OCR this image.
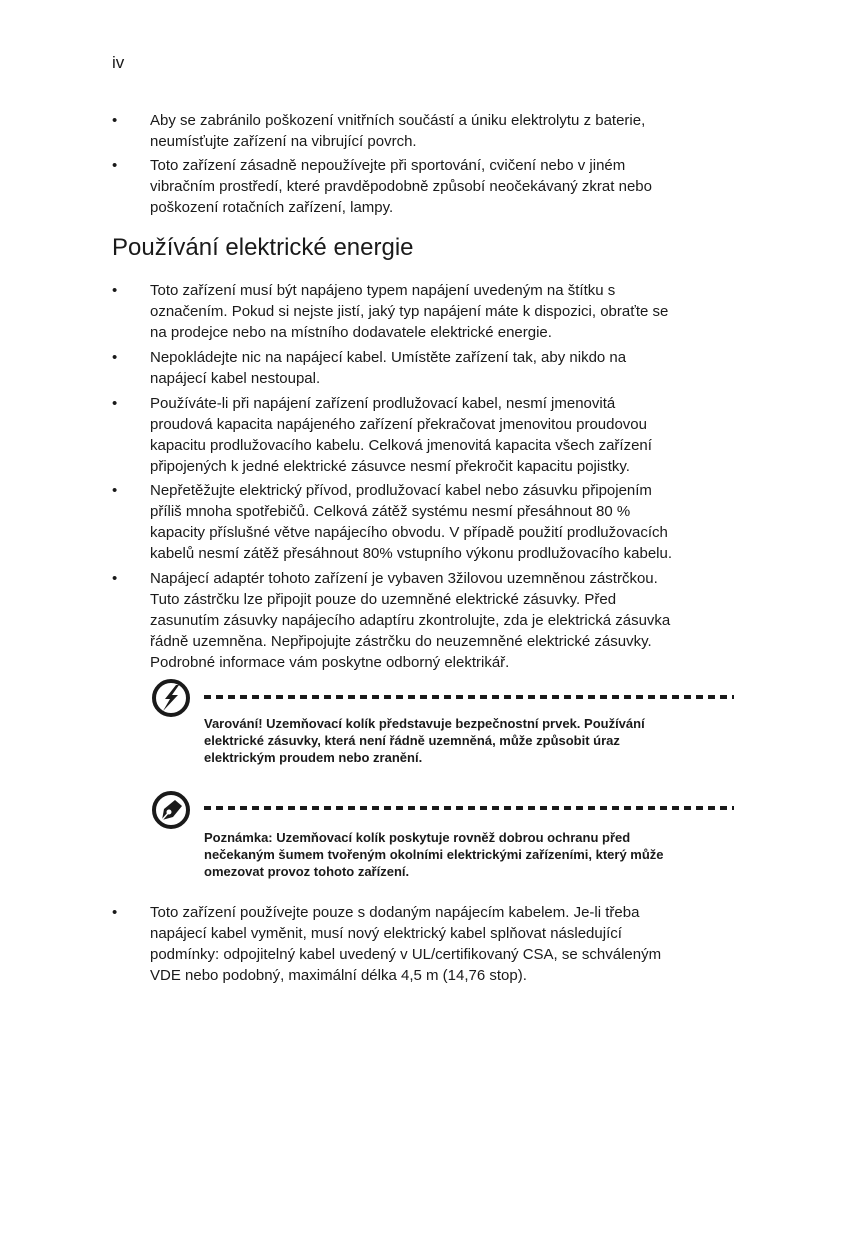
iv
• Aby se zabránilo poškození vnitřních součástí a úniku elektrolytu z baterie,
neumísťujte zařízení na vibrující povrch.
• Toto zařízení zásadně nepoužívejte při sportování, cvičení nebo v jiném
vibračním prostředí, které pravděpodobně způsobí neočekávaný zkrat nebo
poškození rotačních zařízení, lampy.
Používání elektrické energie
• Toto zařízení musí být napájeno typem napájení uvedeným na štítku s
označením. Pokud si nejste jistí, jaký typ napájení máte k dispozici, obraťte se
na prodejce nebo na místního dodavatele elektrické energie.
• Nepokládejte nic na napájecí kabel. Umístěte zařízení tak, aby nikdo na
napájecí kabel nestoupal.
• Používáte-li při napájení zařízení prodlužovací kabel, nesmí jmenovitá
proudová kapacita napájeného zařízení překračovat jmenovitou proudovou
kapacitu prodlužovacího kabelu. Celková jmenovitá kapacita všech zařízení
připojených k jedné elektrické zásuvce nesmí překročit kapacitu pojistky.
• Nepřetěžujte elektrický přívod, prodlužovací kabel nebo zásuvku připojením
příliš mnoha spotřebičů. Celková zátěž systému nesmí přesáhnout 80 %
kapacity příslušné větve napájecího obvodu. V případě použití prodlužovacích
kabelů nesmí zátěž přesáhnout 80% vstupního výkonu prodlužovacího kabelu.
• Napájecí adaptér tohoto zařízení je vybaven 3žilovou uzemněnou zástrčkou.
Tuto zástrčku lze připojit pouze do uzemněné elektrické zásuvky. Před
zasunutím zásuvky napájecího adaptíru zkontrolujte, zda je elektrická zásuvka
řádně uzemněna. Nepřipojujte zástrčku do neuzemněné elektrické zásuvky.
Podrobné informace vám poskytne odborný elektrikář.
Varování! Uzemňovací kolík představuje bezpečnostní prvek. Používání
elektrické zásuvky, která není řádně uzemněná, může způsobit úraz
elektrickým proudem nebo zranění.
Poznámka: Uzemňovací kolík poskytuje rovněž dobrou ochranu před
nečekaným šumem tvořeným okolními elektrickými zařízeními, který může
omezovat provoz tohoto zařízení.
• Toto zařízení používejte pouze s dodaným napájecím kabelem. Je-li třeba
napájecí kabel vyměnit, musí nový elektrický kabel splňovat následující
podmínky: odpojitelný kabel uvedený v UL/certifikovaný CSA, se schváleným
VDE nebo podobný, maximální délka 4,5 m (14,76 stop).
